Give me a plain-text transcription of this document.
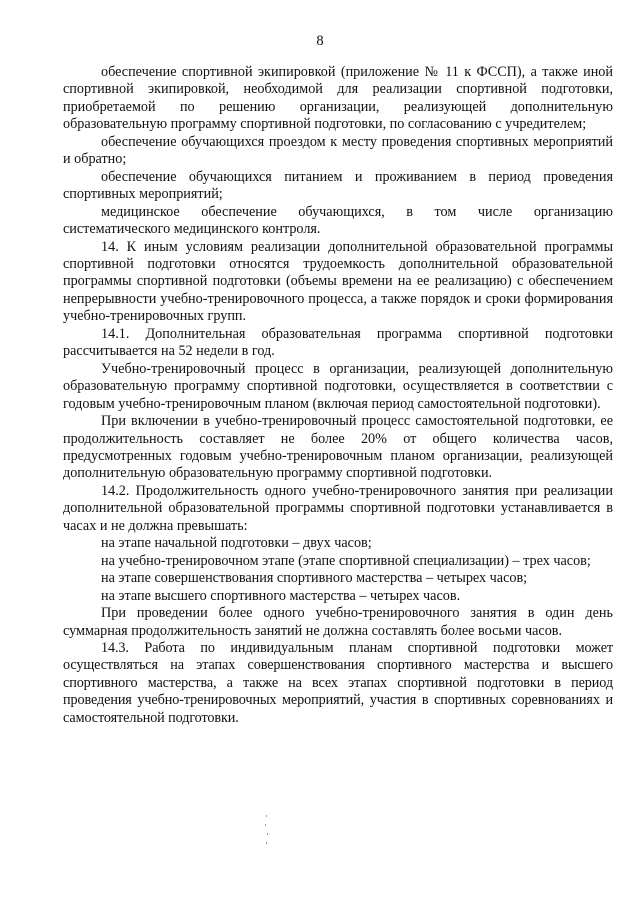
8

обеспечение спортивной экипировкой (приложение № 11 к ФССП), а также иной спортивной экипировкой, необходимой для реализации спортивной подготовки, приобретаемой по решению организации, реализующей дополнительную образовательную программу спортивной подготовки, по согласованию с учредителем;

обеспечение обучающихся проездом к месту проведения спортивных мероприятий и обратно;

обеспечение обучающихся питанием и проживанием в период проведения спортивных мероприятий;

медицинское обеспечение обучающихся, в том числе организацию систематического медицинского контроля.

14. К иным условиям реализации дополнительной образовательной программы спортивной подготовки относятся трудоемкость дополнительной образовательной программы спортивной подготовки (объемы времени на ее реализацию) с обеспечением непрерывности учебно-тренировочного процесса, а также порядок и сроки формирования учебно-тренировочных групп.

14.1. Дополнительная образовательная программа спортивной подготовки рассчитывается на 52 недели в год.

Учебно-тренировочный процесс в организации, реализующей дополнительную образовательную программу спортивной подготовки, осуществляется в соответствии с годовым учебно-тренировочным планом (включая период самостоятельной подготовки).

При включении в учебно-тренировочный процесс самостоятельной подготовки, ее продолжительность составляет не более 20% от общего количества часов, предусмотренных годовым учебно-тренировочным планом организации, реализующей дополнительную образовательную программу спортивной подготовки.

14.2. Продолжительность одного учебно-тренировочного занятия при реализации дополнительной образовательной программы спортивной подготовки устанавливается в часах и не должна превышать:

на этапе начальной подготовки – двух часов;

на учебно-тренировочном этапе (этапе спортивной специализации) – трех часов;

на этапе совершенствования спортивного мастерства – четырех часов;

на этапе высшего спортивного мастерства – четырех часов.

При проведении более одного учебно-тренировочного занятия в один день суммарная продолжительность занятий не должна составлять более восьми часов.

14.3. Работа по индивидуальным планам спортивной подготовки может осуществляться на этапах совершенствования спортивного мастерства и высшего спортивного мастерства, а также на всех этапах спортивной подготовки в период проведения учебно-тренировочных мероприятий, участия в спортивных соревнованиях и самостоятельной подготовки.
